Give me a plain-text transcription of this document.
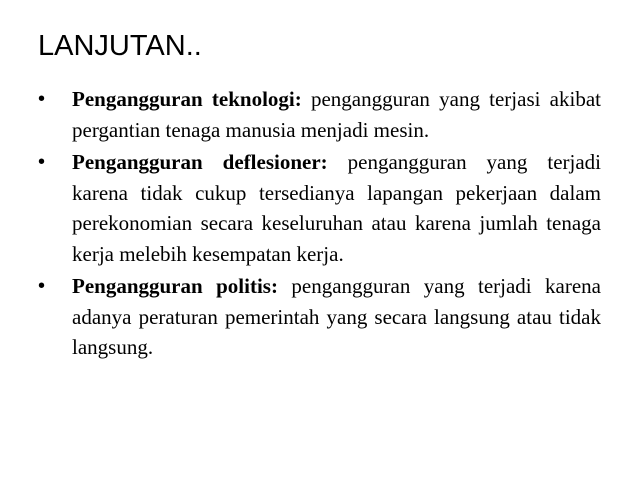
LANJUTAN..
• Pengangguran teknologi: pengangguran yang terjasi akibat pergantian tenaga manusia menjadi mesin.
• Pengangguran deflesioner: pengangguran yang terjadi karena tidak cukup tersedianya lapangan pekerjaan dalam perekonomian secara keseluruhan atau karena jumlah tenaga kerja melebih kesempatan kerja.
• Pengangguran politis: pengangguran yang terjadi karena adanya peraturan pemerintah yang secara langsung atau tidak langsung.
